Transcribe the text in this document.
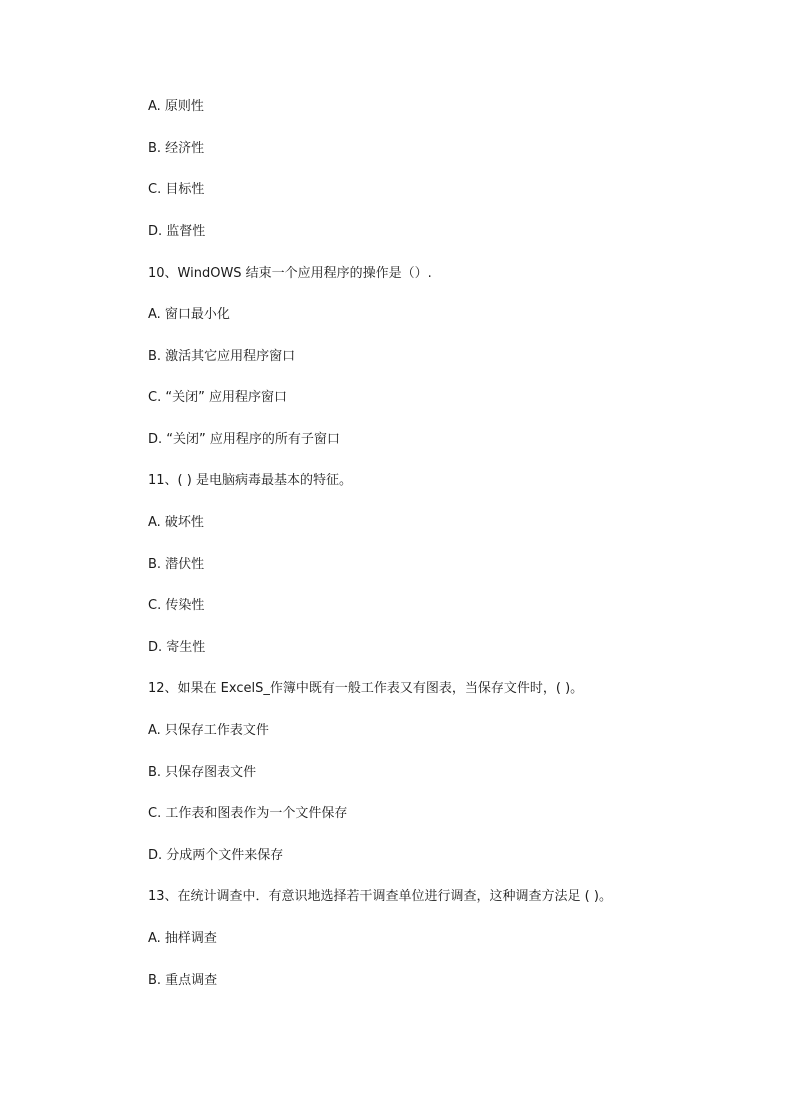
A. 原则性
B. 经济性
C. 目标性
D. 监督性
10、WindOWS 结束一个应用程序的操作是（）.
A. 窗口最小化
B. 激活其它应用程序窗口
C. “关闭” 应用程序窗口
D. “关闭” 应用程序的所有子窗口
11、( ) 是电脑病毒最基本的特征。
A. 破坏性
B. 潜伏性
C. 传染性
D. 寄生性
12、如果在 ExcelS_作簿中既有一般工作表又有图表，当保存文件时，( )。
A. 只保存工作表文件
B. 只保存图表文件
C. 工作表和图表作为一个文件保存
D. 分成两个文件来保存
13、在统计调查中．有意识地选择若干调查单位进行调查，这种调查方法足 ( )。
A. 抽样调查
B. 重点调查
